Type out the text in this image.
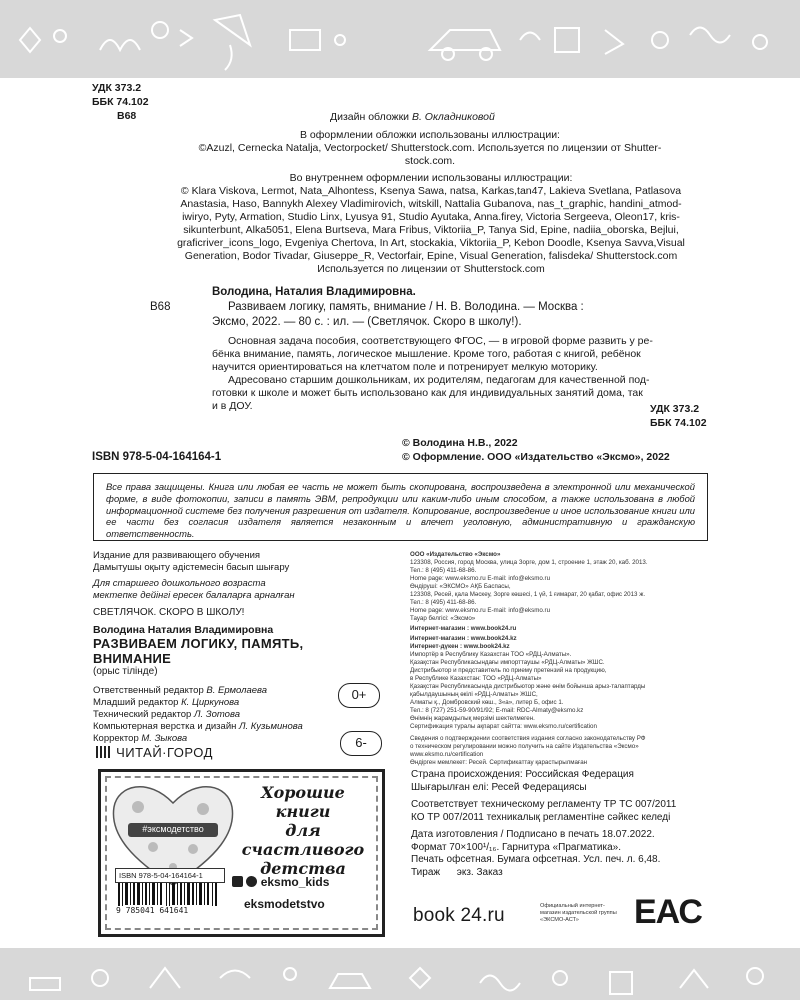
УДК 373.2
ББК 74.102
В68	Дизайн обложки В. Окладниковой
В оформлении обложки использованы иллюстрации:
©Azuzl, Cernecka Natalja, Vectorpocket/ Shutterstock.com. Используется по лицензии от Shutter-
stock.com.
Во внутреннем оформлении использованы иллюстрации:
© Klara Viskova, Lermot, Nata_Alhontess, Ksenya Sawa, natsa, Karkas,tan47, Lakieva Svetlana, Patlasova
Anastasia, Haso, Bannykh Alexey Vladimirovich, witskill, Nattalia Gubanova, nas_t_graphic, handini_atmod-
iwiryo, Pyty, Armation, Studio Linx, Lyusya 91, Studio Ayutaka, Anna.firey, Victoria Sergeeva, Oleon17, kris-
sikunterbunt, Alka5051, Elena Burtseva, Mara Fribus, Viktoriia_P, Tanya Sid, Epine, nadiia_oborska, Bejlui,
graficriver_icons_logo, Evgeniya Chertova, In Art, stockakia, Viktoriia_P, Kebon Doodle, Ksenya Savva,Visual
Generation, Bodor Tivadar, Giuseppe_R, Vectorfair, Epine, Visual Generation, falisdeka/ Shutterstock.com
Используется по лицензии от Shutterstock.com
Володина, Наталия Владимировна.
В68	Развиваем логику, память, внимание / Н. В. Володина. — Москва :
Эксмо, 2022. — 80 с. : ил. — (Светлячок. Скоро в школу!).
Основная задача пособия, соответствующего ФГОС, — в игровой форме развить у ре-
бёнка внимание, память, логическое мышление. Кроме того, работая с книгой, ребёнок
научится ориентироваться на клетчатом поле и потренирует мелкую моторику.
Адресовано старшим дошкольникам, их родителям, педагогам для качественной под-
готовки к школе и может быть использовано как для индивидуальных занятий дома, так
и в ДОУ.	УДК 373.2
ББК 74.102
ISBN 978-5-04-164164-1
© Володина Н.В., 2022
© Оформление. ООО «Издательство «Эксмо», 2022
Все права защищены. Книга или любая ее часть не может быть скопирована, воспроизведена в электронной или механической форме, в виде фотокопии, записи в память ЭВМ, репродукции или каким-либо иным способом, а также использована в любой информационной системе без получения разрешения от издателя. Копирование, воспроизведение и иное использование книги или ее части без согласия издателя является незаконным и влечет уголовную, административную и гражданскую ответственность.
Издание для развивающего обучения
Дамытушы оқыту әдістемесін басып шығару
Для старшего дошкольного возраста
мектепке дейінгі ересек балаларға арналған
СВЕТЛЯЧОК. СКОРО В ШКОЛУ!
Володина Наталия Владимировна
РАЗВИВАЕМ ЛОГИКУ, ПАМЯТЬ,
ВНИМАНИЕ
(орыс тілінде)
Ответственный редактор В. Ермолаева
Младший редактор К. Циркунова
Технический редактор Л. Зотова
Компьютерная верстка и дизайн Л. Кузьминова
Корректор М. Зыкова
0+
6-
ЧИТАЙ·ГОРОД
#эксмодетство
Хорошие
книги
для счастливого
детства
ISBN 978-5-04-164164-1
9 785041 641641
eksmo_kids
eksmodetstvo
ООО «Издательство «Эксмо»
123308, Россия, город Москва, улица Зорге, дом 1, строение 1, этаж 20, каб. 2013.
Тел.: 8 (495) 411-68-86.
Home page: www.eksmo.ru E-mail: info@eksmo.ru
Өндіруші: «ЭКСМО» АҚБ Баспасы,
123308, Ресей, қала Мәскеу, Зорге көшесі, 1 үй, 1 ғимарат, 20 қабат, офис 2013 ж.
Тел.: 8 (495) 411-68-86.
Home page: www.eksmo.ru E-mail: info@eksmo.ru
Тауар белгісі: «Эксмо»
Интернет-магазин : www.book24.ru
Интернет-магазин : www.book24.kz
Интернет-дүкен : www.book24.kz
Импортёр в Республику Казахстан ТОО «РДЦ-Алматы».
Қазақстан Республикасындағы импорттаушы «РДЦ-Алматы» ЖШС.
Дистрибьютор и представитель по приему претензий на продукцию,
в Республике Казахстан: ТОО «РДЦ-Алматы»
Қазақстан Республикасында дистрибьютор және өнім бойынша арыз-талаптарды
қабылдаушының өкілі «РДЦ-Алматы» ЖШС,
Алматы қ., Домбровский көш., 3«а», литер Б, офис 1.
Тел.: 8 (727) 251-59-90/91/92; E-mail: RDC-Almaty@eksmo.kz
Өнімнің жарамдылық мерзімі шектелмеген.
Сертификация туралы ақпарат сайтта: www.eksmo.ru/certification
Сведения о подтверждении соответствия издания согласно законодательству РФ
о техническом регулировании можно получить на сайте Издательства «Эксмо»
www.eksmo.ru/certification
Өндірген мемлекет: Ресей. Сертификаттау қарастырылмаған
Страна происхождения: Российская Федерация
Шығарылған елі: Ресей Федерациясы
Соответствует техническому регламенту ТР ТС 007/2011
КО ТР 007/2011 техникалық регламентіне сәйкес келеді
Дата изготовления / Подписано в печать 18.07.2022.
Формат 70×100¹/₁₆. Гарнитура «Прагматика».
Печать офсетная. Бумага офсетная. Усл. печ. л. 6,48.
Тираж экз. Заказ
book 24.ru	Официальный интернет-магазин издательской группы «ЭКСМО-АСТ»	ЕАС
